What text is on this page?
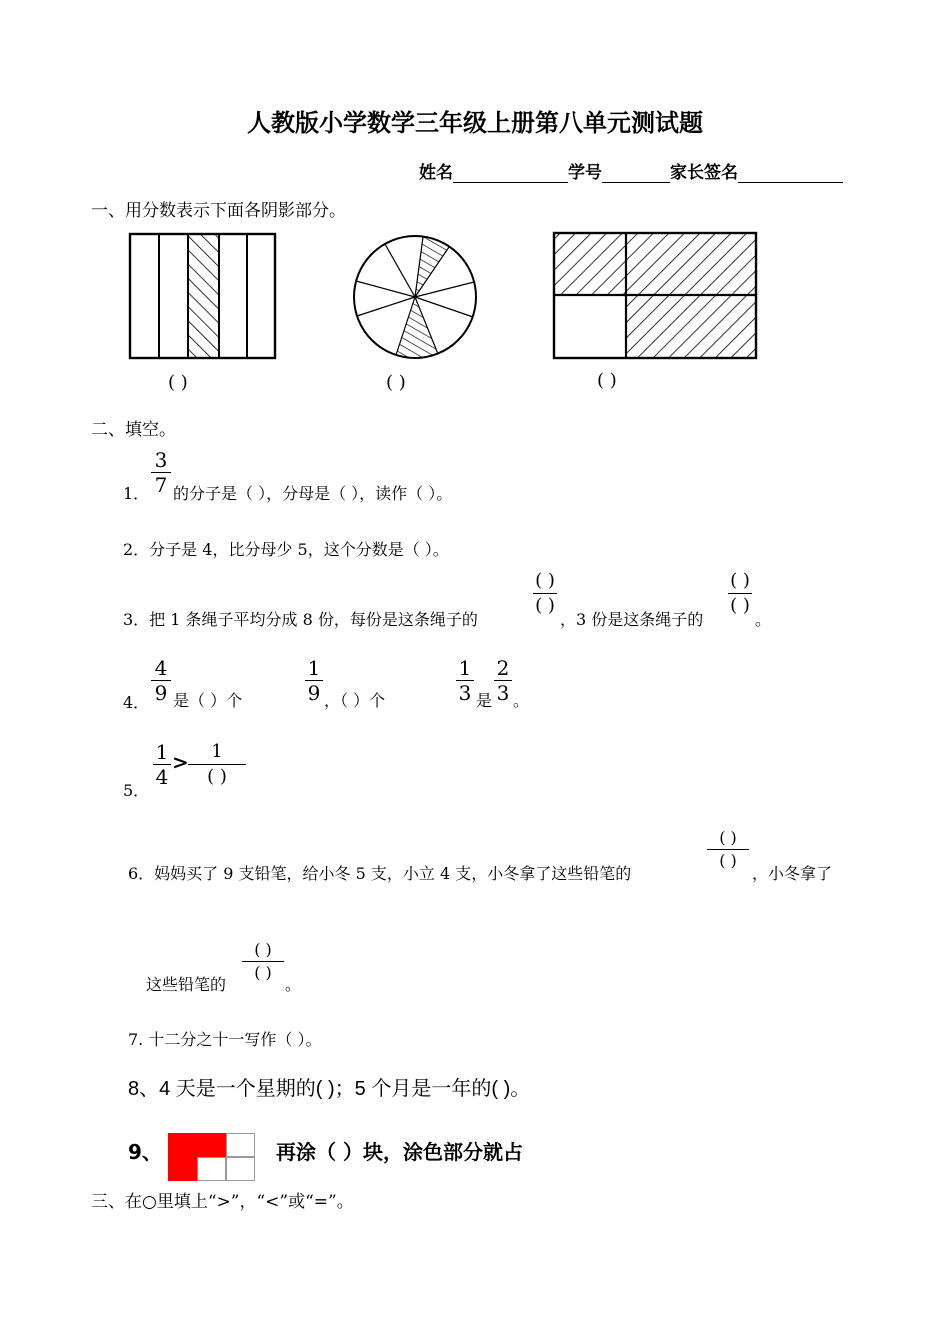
人教版小学数学三年级上册第八单元测试题
姓名	学号	家长签名
一、用分数表示下面各阴影部分。
( )	( )	( )
二、填空。
1．
3
7 的分子是（ ），分母是（ ），读作（ ）。
2．分子是 4，比分母少 5，这个分数是（ ）。
3．把 1 条绳子平均分成 8 份，每份是这条绳子的
( )
( )
，3 份是这条绳子的
( )
( )
。
4．
4
9 是（ ）个
1
9 ，（ ）个
1
3 是
2
3 。
5．
1
4
>	1
( )
6．妈妈买了 9 支铅笔，给小冬 5 支，小立 4 支，小冬拿了这些铅笔的
( )
( )
，小冬拿了
这些铅笔的
( )
( )
。
7. 十二分之十一写作（ ）。
8、4 天是一个星期的( )；5 个月是一年的( )。
9、	再涂（ ）块，涂色部分就占
三、在○里填上“>”，“<”或“=”。
